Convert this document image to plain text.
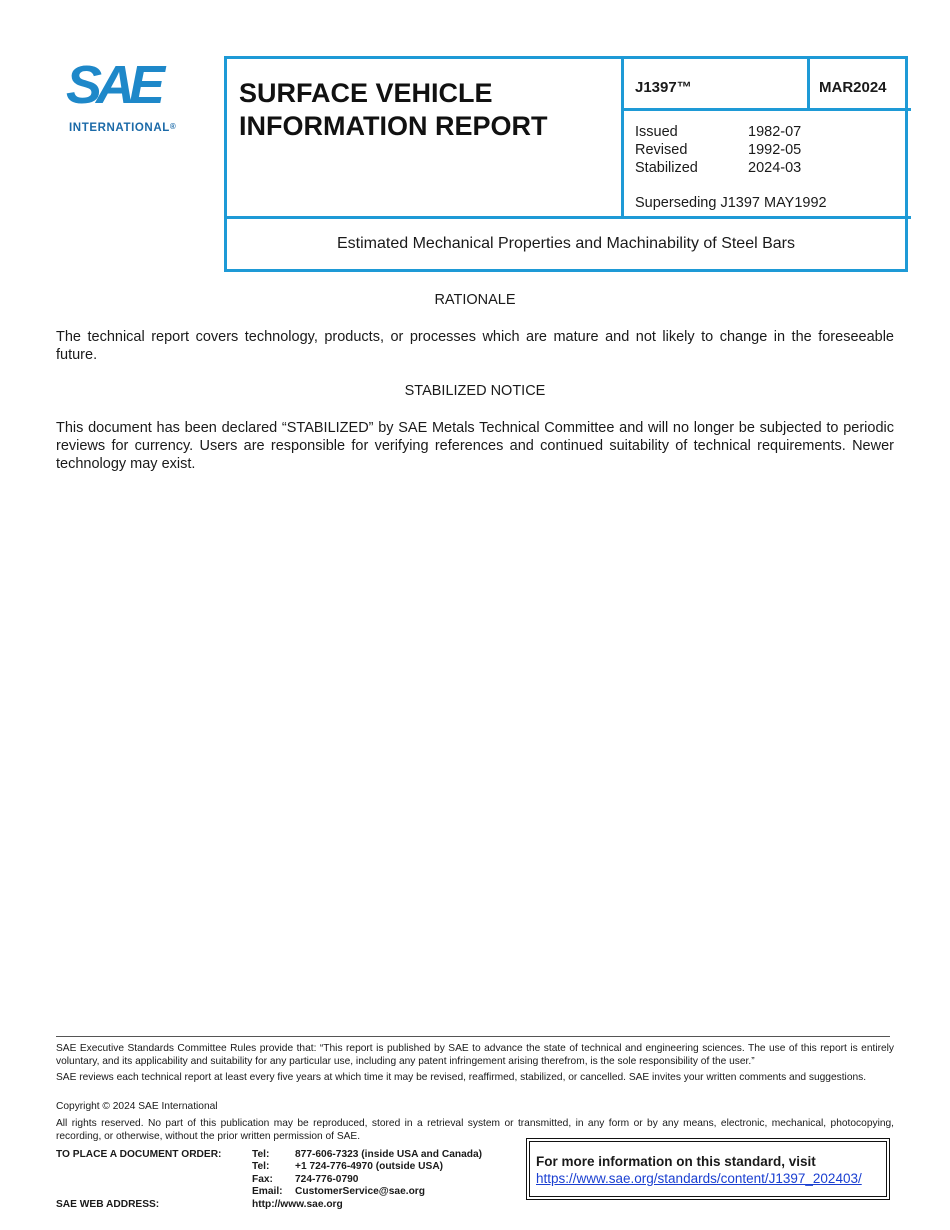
SAE
INTERNATIONAL®
SURFACE VEHICLE
INFORMATION REPORT
J1397™	MAR2024
Issued	1982-07
Revised	1992-05
Stabilized	2024-03
Superseding J1397 MAY1992
Estimated Mechanical Properties and Machinability of Steel Bars
RATIONALE
The technical report covers technology, products, or processes which are mature and not likely to change in the foreseeable future.
STABILIZED NOTICE
This document has been declared “STABILIZED” by SAE Metals Technical Committee and will no longer be subjected to periodic reviews for currency. Users are responsible for verifying references and continued suitability of technical requirements. Newer technology may exist.
SAE Executive Standards Committee Rules provide that: “This report is published by SAE to advance the state of technical and engineering sciences. The use of this report is entirely voluntary, and its applicability and suitability for any particular use, including any patent infringement arising therefrom, is the sole responsibility of the user.”
SAE reviews each technical report at least every five years at which time it may be revised, reaffirmed, stabilized, or cancelled. SAE invites your written comments and suggestions.
Copyright © 2024 SAE International
All rights reserved. No part of this publication may be reproduced, stored in a retrieval system or transmitted, in any form or by any means, electronic, mechanical, photocopying, recording, or otherwise, without the prior written permission of SAE.
TO PLACE A DOCUMENT ORDER:	Tel:	877-606-7323 (inside USA and Canada)
Tel:	+1 724-776-4970 (outside USA)
Fax: 724-776-0790
Email: CustomerService@sae.org
SAE WEB ADDRESS:	http://www.sae.org
For more information on this standard, visit
https://www.sae.org/standards/content/J1397_202403/
